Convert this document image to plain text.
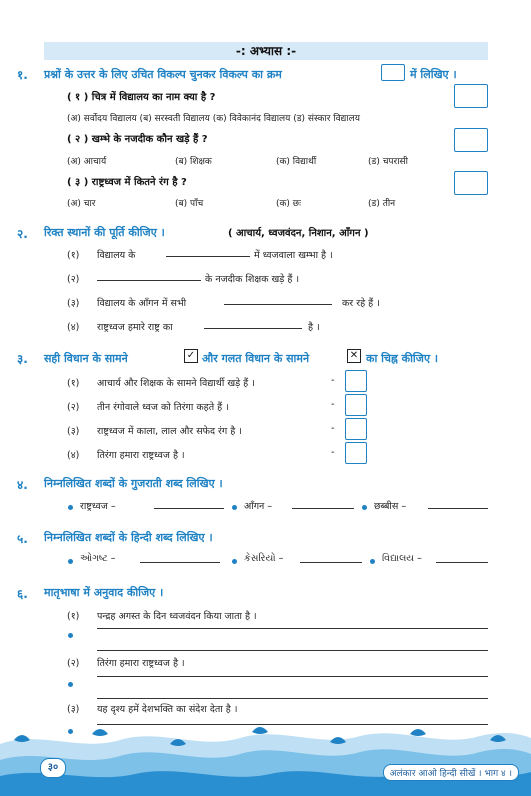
-: अभ्यास :-
१. प्रश्नों के उत्तर के लिए उचित विकल्प चुनकर विकल्प का क्रम	में लिखिए ।
( १ ) चित्र में विद्यालय का नाम क्या है ?
(अ) सर्वोदय विद्यालय (ब) सरस्वती विद्यालय (क) विवेकानंद विद्यालय (ड) संस्कार विद्यालय
( २ ) खम्भे के नजदीक कौन खड़े हैं ?
(अ) आचार्य	(ब) शिक्षक	(क) विद्यार्थी	(ड) चपरासी
( ३ ) राष्ट्रध्वज में कितने रंग है ?
(अ) चार	(ब) पाँच	(क) छः	(ड) तीन
२. रिक्त स्थानों की पूर्ति कीजिए ।	( आचार्य, ध्वजवंदन, निशान, आँगन )
(१) विद्यालय के	में ध्वजवाला खम्भा है ।
(२)	के नजदीक शिक्षक खड़े हैं ।
(३) विद्यालय के आँगन में सभी	कर रहे हैं ।
(४) राष्ट्रध्वज हमारे राष्ट्र का	है ।
३. सही विधान के सामने	✓ और गलत विधान के सामने	✕ का चिह्न कीजिए ।
(१) आचार्य और शिक्षक के सामने विद्यार्थी खड़े हैं ।	-
(२) तीन रंगोवाले ध्वज को तिरंगा कहते हैं ।	-
(३) राष्ट्रध्वज में काला, लाल और सफेद रंग है ।	-
(४) तिरंगा हमारा राष्ट्रध्वज है ।	-
४. निम्नलिखित शब्दों के गुजराती शब्द लिखिए ।
राष्ट्रध्वज –	आँगन –	छब्बीस –
५. निम्नलिखित शब्दों के हिन्दी शब्द लिखिए ।
ઓગષ્ટ –	કેસરિયો –	વિદ્યાલય –
६. मातृभाषा में अनुवाद कीजिए ।
(१) पन्द्रह अगस्त के दिन ध्वजवंदन किया जाता है ।
(२) तिरंगा हमारा राष्ट्रध्वज है ।
(३) यह दृश्य हमें देशभक्ति का संदेश देता है ।
३०
अलंकार आओ हिन्दी सीखें । भाग ४ ।
